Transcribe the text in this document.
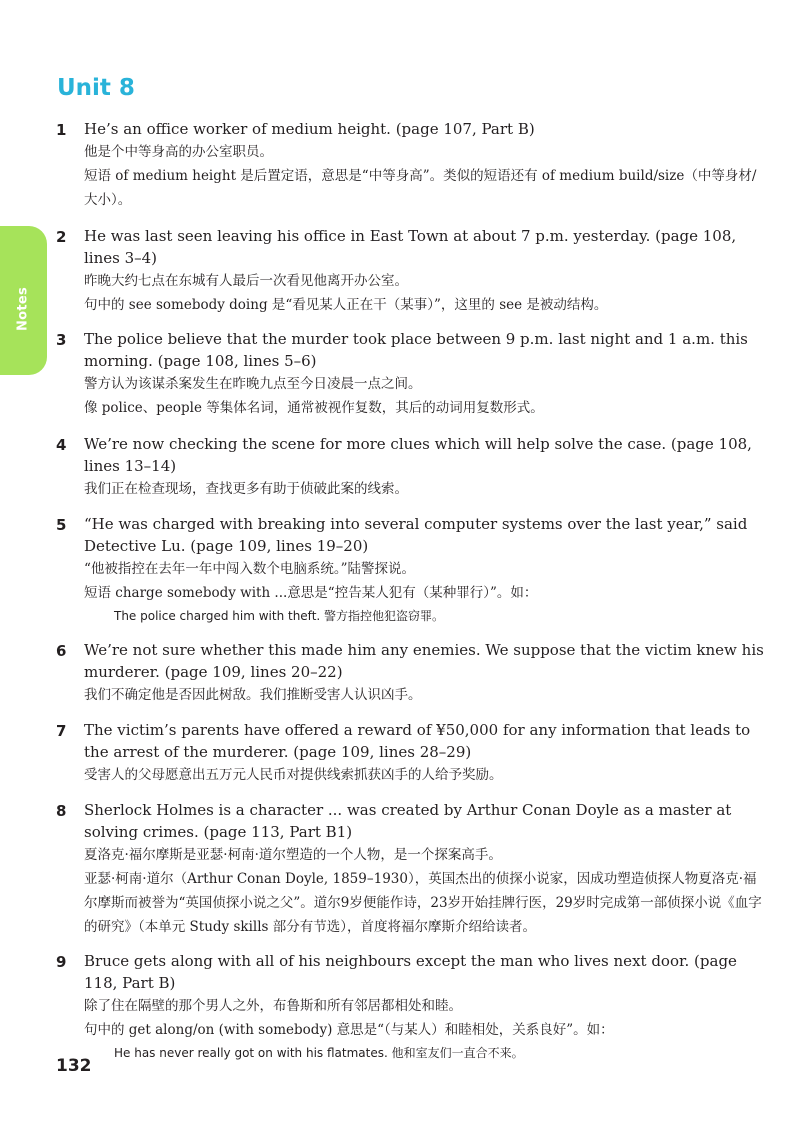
Unit 8
Notes
1 He’s an office worker of medium height. (page 107, Part B)

他是个中等身高的办公室职员。

短语 of medium height 是后置定语，意思是“中等身高”。类似的短语还有 of medium build/size（中等身材/大小）。

2 He was last seen leaving his office in East Town at about 7 p.m. yesterday. (page 108, lines 3–4)

昨晚大约七点在东城有人最后一次看见他离开办公室。

句中的 see somebody doing 是“看见某人正在干（某事）”，这里的 see 是被动结构。

3 The police believe that the murder took place between 9 p.m. last night and 1 a.m. this morning. (page 108, lines 5–6)

警方认为该谋杀案发生在昨晚九点至今日凌晨一点之间。

像 police、people 等集体名词，通常被视作复数，其后的动词用复数形式。

4 We’re now checking the scene for more clues which will help solve the case. (page 108, lines 13–14)

我们正在检查现场，查找更多有助于侦破此案的线索。

5 “He was charged with breaking into several computer systems over the last year,” said Detective Lu. (page 109, lines 19–20)

“他被指控在去年一年中闯入数个电脑系统。”陆警探说。

短语 charge somebody with ...意思是“控告某人犯有（某种罪行）”。如：

The police charged him with theft. 警方指控他犯盗窃罪。

6 We’re not sure whether this made him any enemies. We suppose that the victim knew his murderer. (page 109, lines 20–22)

我们不确定他是否因此树敌。我们推断受害人认识凶手。

7 The victim’s parents have offered a reward of ¥50,000 for any information that leads to the arrest of the murderer. (page 109, lines 28–29)

受害人的父母愿意出五万元人民币对提供线索抓获凶手的人给予奖励。

8 Sherlock Holmes is a character ... was created by Arthur Conan Doyle as a master at solving crimes. (page 113, Part B1)

夏洛克·福尔摩斯是亚瑟·柯南·道尔塑造的一个人物，是一个探案高手。

亚瑟·柯南·道尔（Arthur Conan Doyle, 1859–1930），英国杰出的侦探小说家，因成功塑造侦探人物夏洛克·福尔摩斯而被誉为“英国侦探小说之父”。道尔9岁便能作诗，23岁开始挂牌行医，29岁时完成第一部侦探小说《血字的研究》（本单元 Study skills 部分有节选），首度将福尔摩斯介绍给读者。

9 Bruce gets along with all of his neighbours except the man who lives next door. (page 118, Part B)

除了住在隔壁的那个男人之外，布鲁斯和所有邻居都相处和睦。

句中的 get along/on (with somebody) 意思是“（与某人）和睦相处，关系良好”。如：

He has never really got on with his flatmates. 他和室友们一直合不来。

132
